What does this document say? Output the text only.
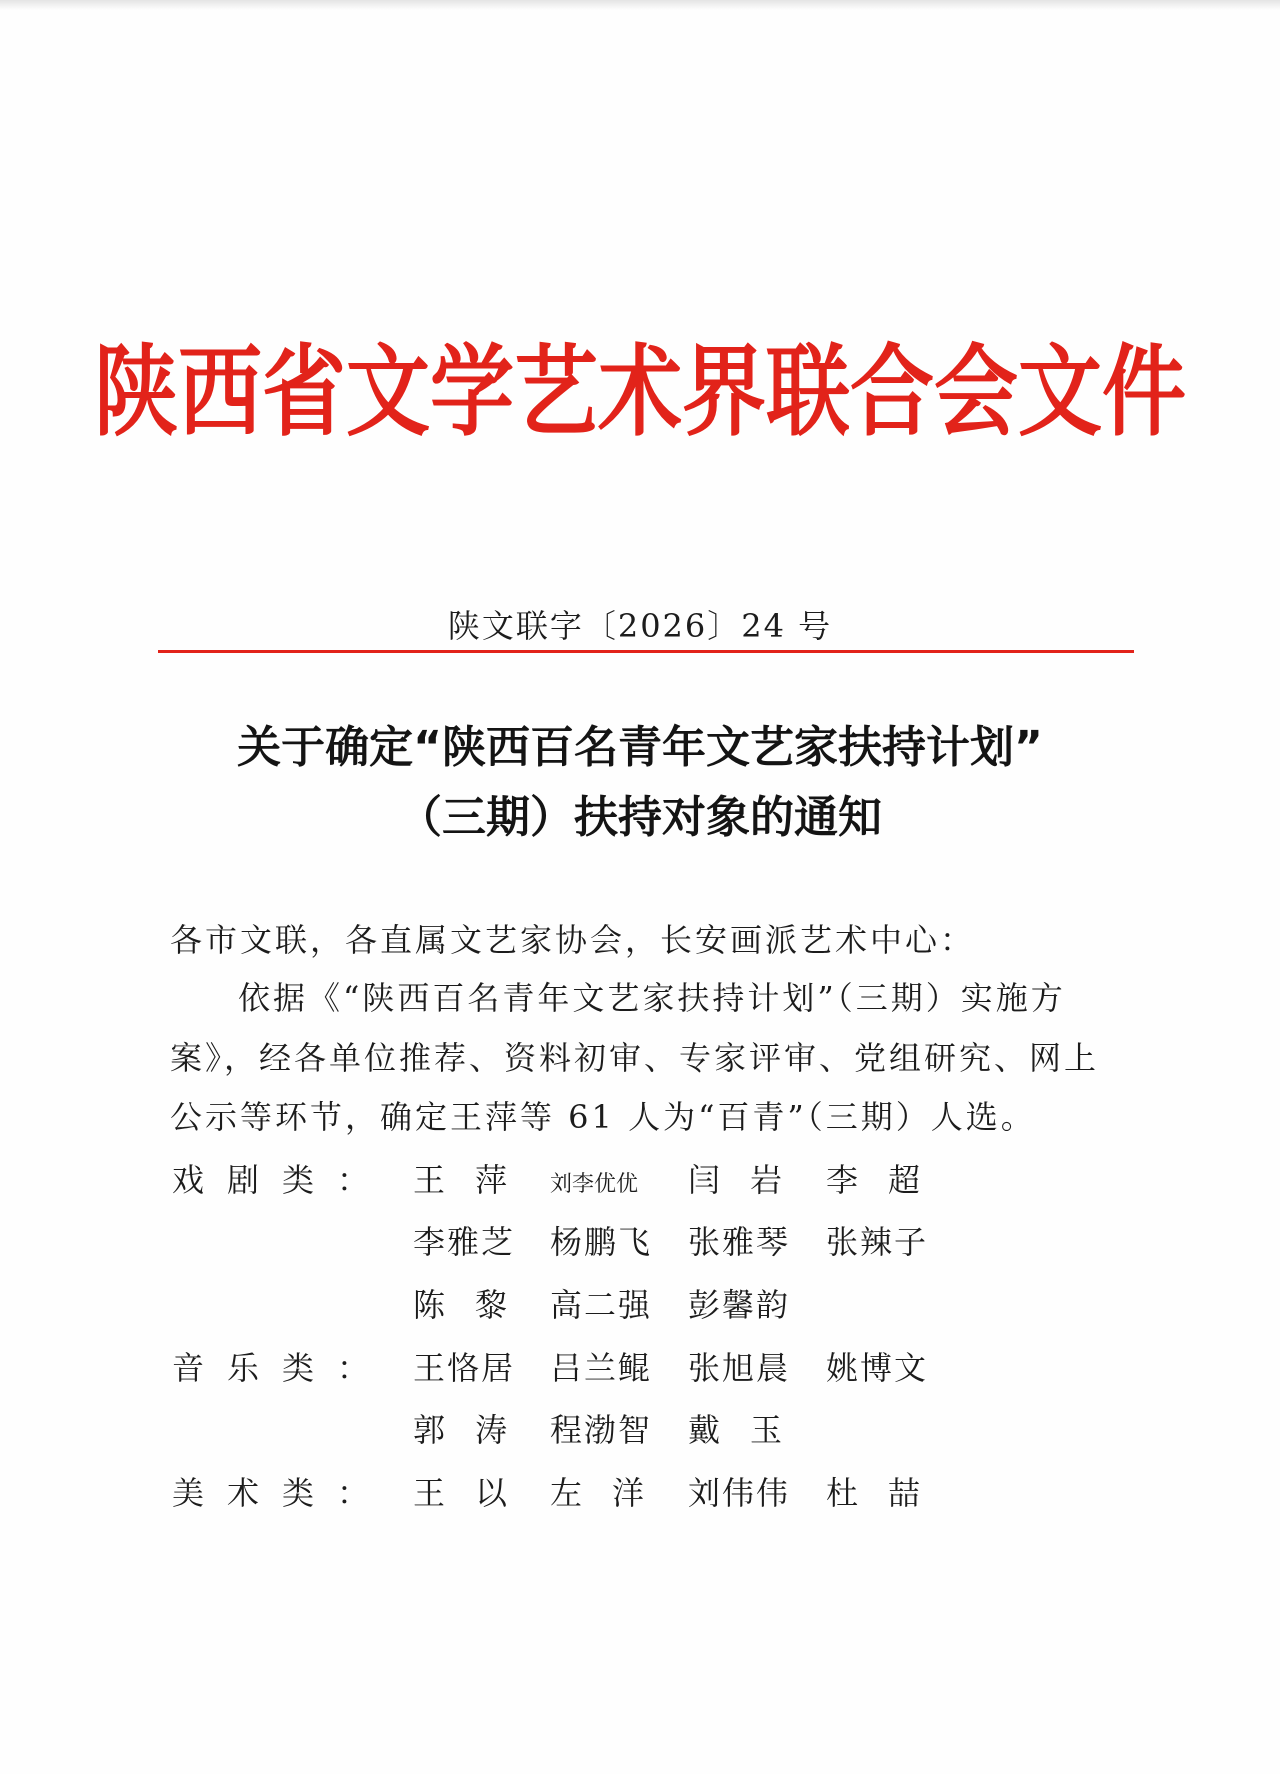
陕西省文学艺术界联合会文件
陕文联字〔2026〕24 号
关于确定“陕西百名青年文艺家扶持计划”
（三期）扶持对象的通知
各市文联，各直属文艺家协会，长安画派艺术中心：
依据《“陕西百名青年文艺家扶持计划”（三期）实施方
案》，经各单位推荐、资料初审、专家评审、党组研究、网上
公示等环节，确定王萍等 61 人为“百青”（三期）人选。
戏剧类： 王萍 刘李优优 闫岩 李超
李雅芝 杨鹏飞 张雅琴 张辣子
陈黎 高二强 彭馨韵
音乐类： 王恪居 吕兰鲲 张旭晨 姚博文
郭涛 程渤智 戴玉
美术类： 王以 左洋 刘伟伟 杜喆
